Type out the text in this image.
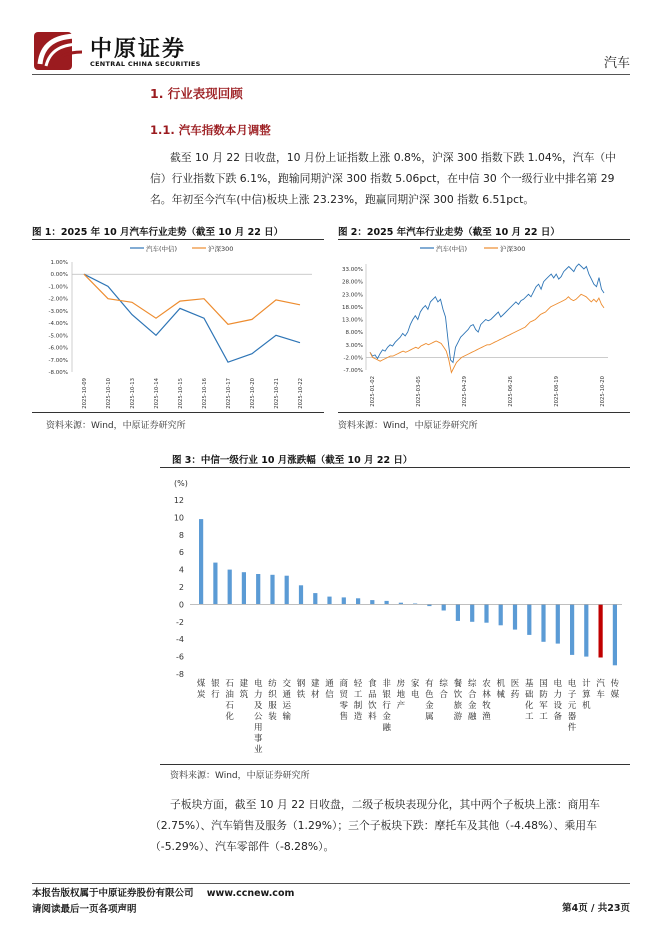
中原证券
CENTRAL CHINA SECURITIES	汽车
1. 行业表现回顾
1.1. 汽车指数本月调整
截至 10 月 22 日收盘，10 月份上证指数上涨 0.8%，沪深 300 指数下跌 1.04%，汽车（中
信）行业指数下跌 6.1%，跑输同期沪深 300 指数 5.06pct，在中信 30 个一级行业中排名第 29
名。年初至今汽车(中信)板块上涨 23.23%，跑赢同期沪深 300 指数 6.51pct。
图 1：2025 年 10 月汽车行业走势（截至 10 月 22 日）
汽车(中信)	沪深300
1.00%
0.00%
-1.00%
-2.00%
-3.00%
-4.00%
-5.00%
-6.00%
-7.00%
-8.00%
2025-10-09	2025-10-10	2025-10-13	2025-10-14	2025-10-15	2025-10-16	2025-10-17	2025-10-20	2025-10-21	2025-10-22
资料来源：Wind，中原证券研究所
图 2：2025 年汽车行业走势（截至 10 月 22 日）
汽车(中信)	沪深300
33.00%
28.00%
23.00%
18.00%
13.00%
8.00%
3.00%
-2.00%
-7.00%
2025-01-02	2025-03-05	2025-04-29	2025-06-26	2025-08-19	2025-10-20
资料来源：Wind，中原证券研究所
图 3：中信一级行业 10 月涨跌幅（截至 10 月 22 日）
(%)
12
10
8
6
4
2
0
-2
-4
-6
-8
煤炭
银行
石油石化
建筑
电力及公用事业
纺织服装
交通运输
钢铁
建材
通信
商贸零售
轻工制造
食品饮料
非银行金融
房地产
家电
有色金属
综合
餐饮旅游
综合金融
农林牧渔
机械
医药
基础化工
国防军工
电力设备
电子元器件
计算机
汽车
传媒
资料来源：Wind，中原证券研究所
子板块方面，截至 10 月 22 日收盘，二级子板块表现分化，其中两个子板块上涨：商用车
（2.75%）、汽车销售及服务（1.29%）；三个子板块下跌：摩托车及其他（-4.48%）、乘用车
（-5.29%）、汽车零部件（-8.28%）。
本报告版权属于中原证券股份有限公司    www.ccnew.com
请阅读最后一页各项声明	第4页 / 共23页
